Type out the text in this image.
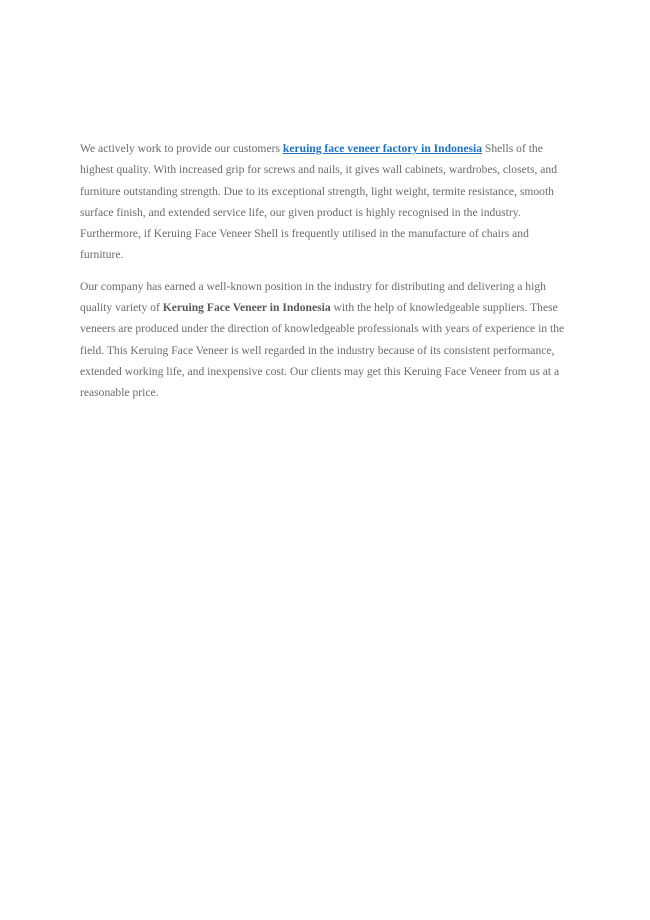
We actively work to provide our customers keruing face veneer factory in Indonesia Shells of the highest quality. With increased grip for screws and nails, it gives wall cabinets, wardrobes, closets, and furniture outstanding strength. Due to its exceptional strength, light weight, termite resistance, smooth surface finish, and extended service life, our given product is highly recognised in the industry. Furthermore, if Keruing Face Veneer Shell is frequently utilised in the manufacture of chairs and furniture.

Our company has earned a well-known position in the industry for distributing and delivering a high quality variety of Keruing Face Veneer in Indonesia with the help of knowledgeable suppliers. These veneers are produced under the direction of knowledgeable professionals with years of experience in the field. This Keruing Face Veneer is well regarded in the industry because of its consistent performance, extended working life, and inexpensive cost. Our clients may get this Keruing Face Veneer from us at a reasonable price.
